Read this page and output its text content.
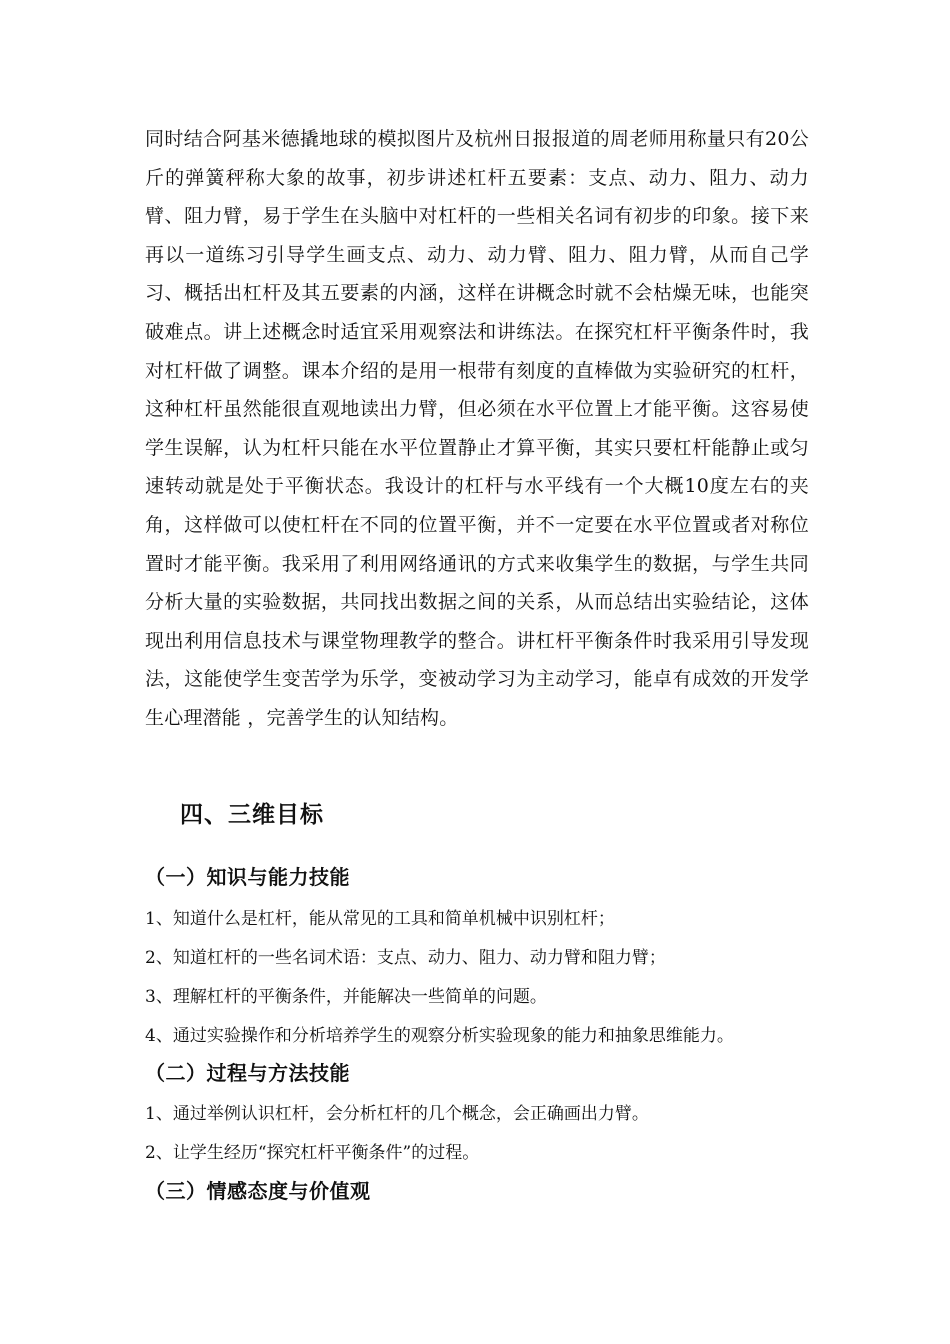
同时结合阿基米德撬地球的模拟图片及杭州日报报道的周老师用称量只有20公斤的弹簧秤称大象的故事，初步讲述杠杆五要素：支点、动力、阻力、动力臂、阻力臂，易于学生在头脑中对杠杆的一些相关名词有初步的印象。接下来再以一道练习引导学生画支点、动力、动力臂、阻力、阻力臂，从而自己学习、概括出杠杆及其五要素的内涵，这样在讲概念时就不会枯燥无味，也能突破难点。讲上述概念时适宜采用观察法和讲练法。在探究杠杆平衡条件时，我对杠杆做了调整。课本介绍的是用一根带有刻度的直棒做为实验研究的杠杆，这种杠杆虽然能很直观地读出力臂，但必须在水平位置上才能平衡。这容易使学生误解，认为杠杆只能在水平位置静止才算平衡，其实只要杠杆能静止或匀速转动就是处于平衡状态。我设计的杠杆与水平线有一个大概10度左右的夹角，这样做可以使杠杆在不同的位置平衡，并不一定要在水平位置或者对称位置时才能平衡。我采用了利用网络通讯的方式来收集学生的数据，与学生共同分析大量的实验数据，共同找出数据之间的关系，从而总结出实验结论，这体现出利用信息技术与课堂物理教学的整合。讲杠杆平衡条件时我采用引导发现法，这能使学生变苦学为乐学，变被动学习为主动学习，能卓有成效的开发学生心理潜能 ，完善学生的认知结构。

四、三维目标
（一）知识与能力技能

1、知道什么是杠杆，能从常见的工具和简单机械中识别杠杆；

2、知道杠杆的一些名词术语：支点、动力、阻力、动力臂和阻力臂；

3、理解杠杆的平衡条件，并能解决一些简单的问题。

4、通过实验操作和分析培养学生的观察分析实验现象的能力和抽象思维能力。

（二）过程与方法技能

1、通过举例认识杠杆，会分析杠杆的几个概念，会正确画出力臂。

2、让学生经历“探究杠杆平衡条件”的过程。

（三）情感态度与价值观
